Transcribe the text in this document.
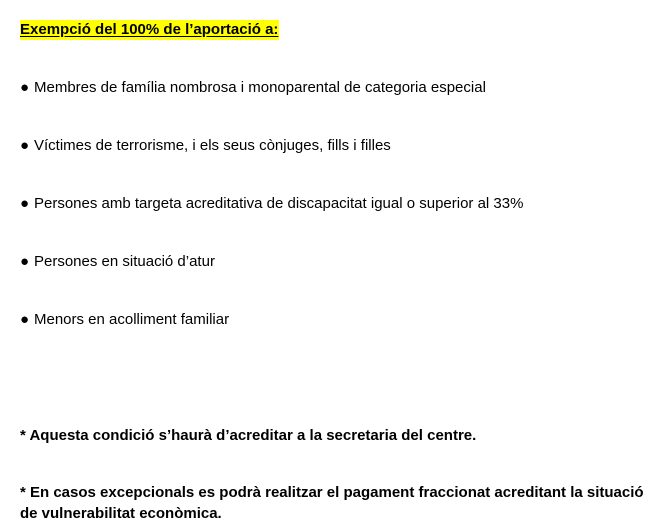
Exempció del 100% de l’aportació a:
● Membres de família nombrosa i monoparental de categoria especial
● Víctimes de terrorisme, i els seus cònjuges, fills i filles
● Persones amb targeta acreditativa de discapacitat igual o superior al 33%
● Persones en situació d’atur
● Menors en acolliment familiar
* Aquesta condició s’haurà d’acreditar a la secretaria del centre.
* En casos excepcionals es podrà realitzar el pagament fraccionat acreditant la situació de vulnerabilitat econòmica.
